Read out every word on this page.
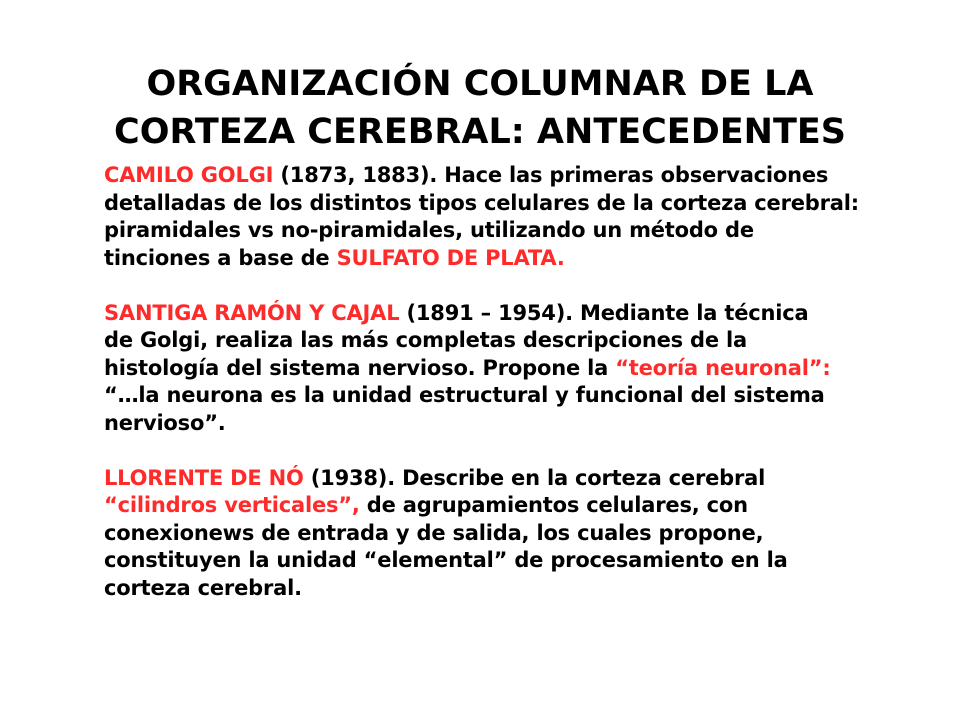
ORGANIZACIÓN COLUMNAR DE LA
CORTEZA CEREBRAL: ANTECEDENTES

CAMILO GOLGI (1873, 1883). Hace las primeras observaciones
detalladas de los distintos tipos celulares de la corteza cerebral:
piramidales vs no-piramidales, utilizando un método de
tinciones a base de SULFATO DE PLATA.

SANTIGA RAMÓN Y CAJAL (1891 – 1954). Mediante la técnica
de Golgi, realiza las más completas descripciones de la
histología del sistema nervioso. Propone la “teoría neuronal”:
“…la neurona es la unidad estructural y funcional del sistema
nervioso”.

LLORENTE DE NÓ (1938). Describe en la corteza cerebral
“cilindros verticales”, de agrupamientos celulares, con
conexionews de entrada y de salida, los cuales propone,
constituyen la unidad “elemental” de procesamiento en la
corteza cerebral.
